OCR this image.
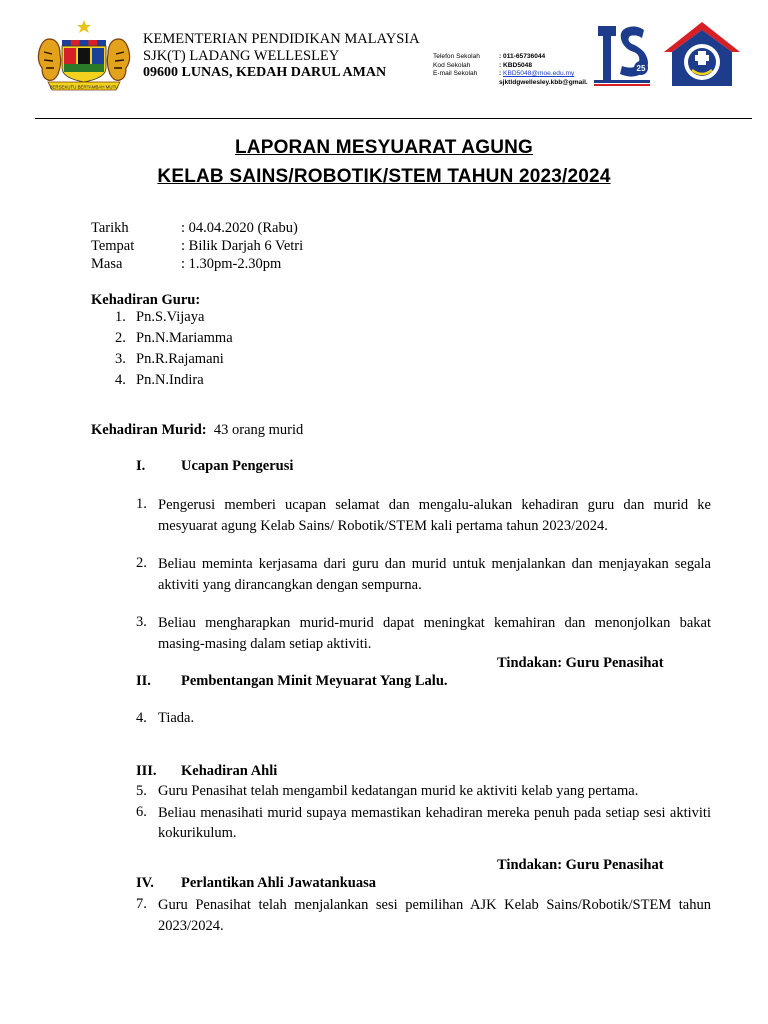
BERSEKUTU BERTAMBAH MUTU
KEMENTERIAN PENDIDIKAN MALAYSIA
SJK(T) LADANG WELLESLEY
09600 LUNAS, KEDAH DARUL AMAN
Telefon Sekolah	: 011-65736044
Kod Sekolah	: KBD5048
E-mail Sekolah	: KBD5048@moe.edu.my
sjktldgwellesley.kbb@gmail.
25
LAPORAN MESYUARAT AGUNG
KELAB SAINS/ROBOTIK/STEM TAHUN 2023/2024
Tarikh	: 04.04.2020 (Rabu)
Tempat	: Bilik Darjah 6 Vetri
Masa	: 1.30pm-2.30pm
Kehadiran Guru:
1. Pn.S.Vijaya
2. Pn.N.Mariamma
3. Pn.R.Rajamani
4. Pn.N.Indira
Kehadiran Murid: 43 orang murid
I. Ucapan Pengerusi
1. Pengerusi memberi ucapan selamat dan mengalu-alukan kehadiran guru dan murid ke mesyuarat agung Kelab Sains/ Robotik/STEM kali pertama tahun 2023/2024.
2. Beliau meminta kerjasama dari guru dan murid untuk menjalankan dan menjayakan segala aktiviti yang dirancangkan dengan sempurna.
3. Beliau mengharapkan murid-murid dapat meningkat kemahiran dan menonjolkan bakat masing-masing dalam setiap aktiviti.
Tindakan: Guru Penasihat
II. Pembentangan Minit Meyuarat Yang Lalu.
4. Tiada.
III. Kehadiran Ahli
5. Guru Penasihat telah mengambil kedatangan murid ke aktiviti kelab yang pertama.
6. Beliau menasihati murid supaya memastikan kehadiran mereka penuh pada setiap sesi aktiviti kokurikulum.
Tindakan: Guru Penasihat
IV. Perlantikan Ahli Jawatankuasa
7. Guru Penasihat telah menjalankan sesi pemilihan AJK Kelab Sains/Robotik/STEM tahun 2023/2024.
